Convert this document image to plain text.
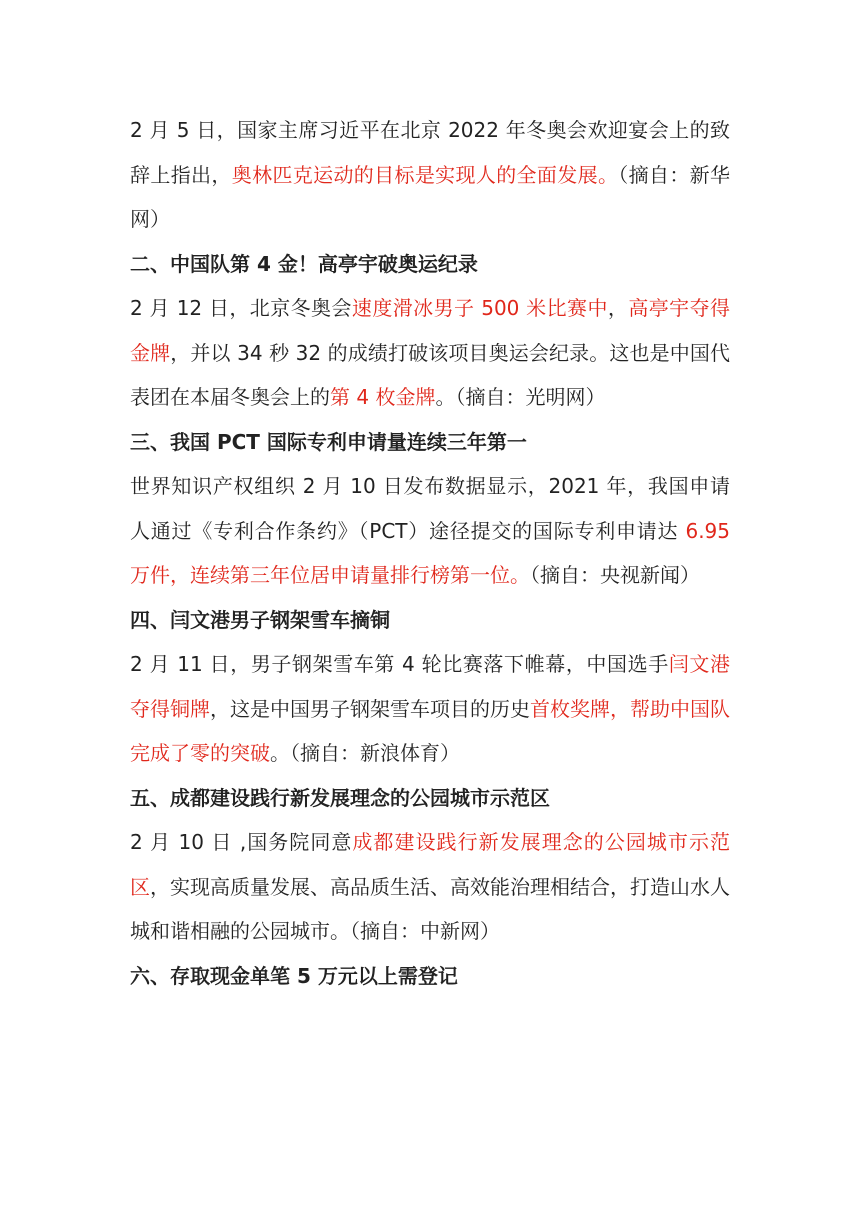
2 月 5 日，国家主席习近平在北京 2022 年冬奥会欢迎宴会上的致辞上指出，奥林匹克运动的目标是实现人的全面发展。（摘自：新华网）

二、中国队第 4 金！高亭宇破奥运纪录

2 月 12 日，北京冬奥会速度滑冰男子 500 米比赛中，高亭宇夺得金牌，并以 34 秒 32 的成绩打破该项目奥运会纪录。这也是中国代表团在本届冬奥会上的第 4 枚金牌。（摘自：光明网）

三、我国 PCT 国际专利申请量连续三年第一

世界知识产权组织 2 月 10 日发布数据显示，2021 年，我国申请人通过《专利合作条约》（PCT）途径提交的国际专利申请达 6.95 万件，连续第三年位居申请量排行榜第一位。（摘自：央视新闻）

四、闫文港男子钢架雪车摘铜

2 月 11 日，男子钢架雪车第 4 轮比赛落下帷幕，中国选手闫文港夺得铜牌，这是中国男子钢架雪车项目的历史首枚奖牌，帮助中国队完成了零的突破。（摘自：新浪体育）

五、成都建设践行新发展理念的公园城市示范区

2 月 10 日 ,国务院同意成都建设践行新发展理念的公园城市示范区，实现高质量发展、高品质生活、高效能治理相结合，打造山水人城和谐相融的公园城市。（摘自：中新网）

六、存取现金单笔 5 万元以上需登记
